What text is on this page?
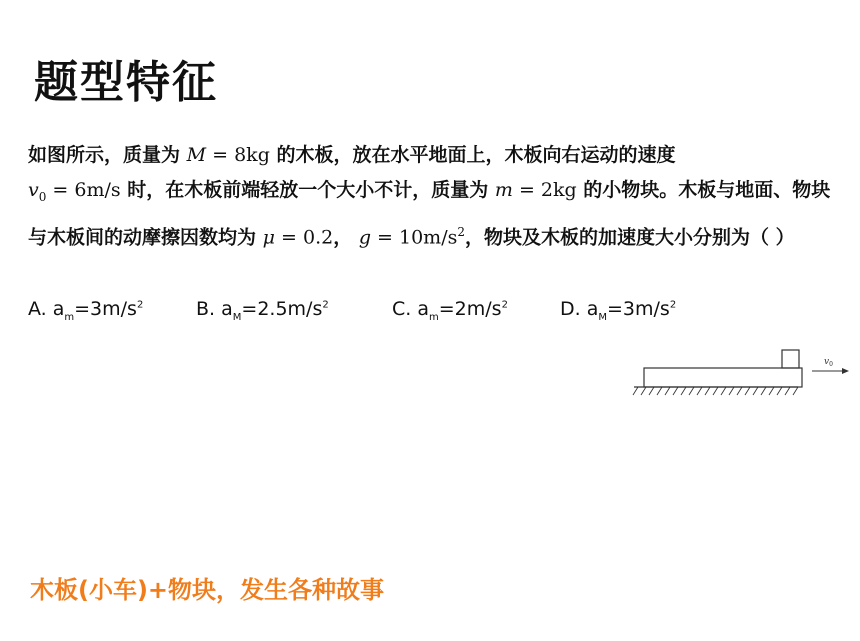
题型特征

如图所示，质量为 M = 8kg 的木板，放在水平地面上，木板向右运动的速度
$v_0 = 6m/s$ 时，在木板前端轻放一个大小不计，质量为 m = 2kg 的小物块。木板与地面、物块与木板间的动摩擦因数均为 μ = 0.2， $g = 10m/s^2$，物块及木板的加速度大小分别为（ ）

A. $a_m=3m/s^2$	B. $a_M=2.5m/s^2$	C. $a_m=2m/s^2$	D. $a_M=3m/s^2$
$v_0$

木板(小车)+物块，发生各种故事
